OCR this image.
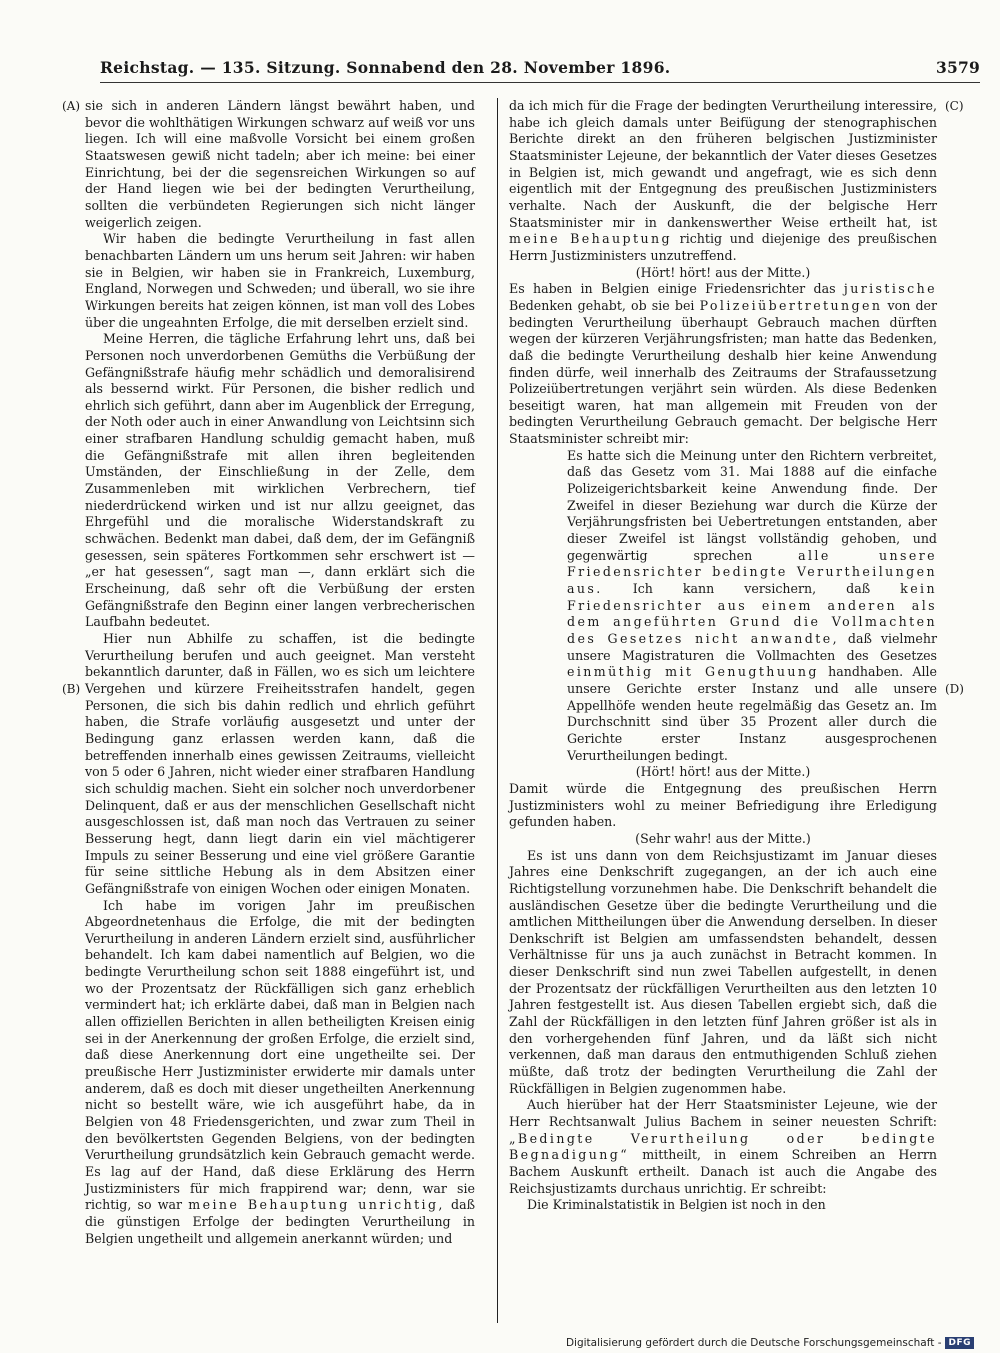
Reichstag. — 135. Sitzung. Sonnabend den 28. November 1896.	3579
(A)
(B)
(C)
(D)

sie sich in anderen Ländern längst bewährt haben, und bevor die wohlthätigen Wirkungen schwarz auf weiß vor uns liegen. Ich will eine maßvolle Vorsicht bei einem großen Staatswesen gewiß nicht tadeln; aber ich meine: bei einer Einrichtung, bei der die segensreichen Wirkungen so auf der Hand liegen wie bei der bedingten Verurtheilung, sollten die verbündeten Regierungen sich nicht länger weigerlich zeigen.

Wir haben die bedingte Verurtheilung in fast allen benachbarten Ländern um uns herum seit Jahren: wir haben sie in Belgien, wir haben sie in Frankreich, Luxemburg, England, Norwegen und Schweden; und überall, wo sie ihre Wirkungen bereits hat zeigen können, ist man voll des Lobes über die ungeahnten Erfolge, die mit derselben erzielt sind.

Meine Herren, die tägliche Erfahrung lehrt uns, daß bei Personen noch unverdorbenen Gemüths die Verbüßung der Gefängnißstrafe häufig mehr schädlich und demoralisirend als bessernd wirkt. Für Personen, die bisher redlich und ehrlich sich geführt, dann aber im Augenblick der Erregung, der Noth oder auch in einer Anwandlung von Leichtsinn sich einer strafbaren Handlung schuldig gemacht haben, muß die Gefängnißstrafe mit allen ihren begleitenden Umständen, der Einschließung in der Zelle, dem Zusammenleben mit wirklichen Verbrechern, tief niederdrückend wirken und ist nur allzu geeignet, das Ehrgefühl und die moralische Widerstandskraft zu schwächen. Bedenkt man dabei, daß dem, der im Gefängniß gesessen, sein späteres Fortkommen sehr erschwert ist — „er hat gesessen“, sagt man —, dann erklärt sich die Erscheinung, daß sehr oft die Verbüßung der ersten Gefängnißstrafe den Beginn einer langen verbrecherischen Laufbahn bedeutet.

Hier nun Abhilfe zu schaffen, ist die bedingte Verurtheilung berufen und auch geeignet. Man versteht bekanntlich darunter, daß in Fällen, wo es sich um leichtere Vergehen und kürzere Freiheitsstrafen handelt, gegen Personen, die sich bis dahin redlich und ehrlich geführt haben, die Strafe vorläufig ausgesetzt und unter der Bedingung ganz erlassen werden kann, daß die betreffenden innerhalb eines gewissen Zeitraums, vielleicht von 5 oder 6 Jahren, nicht wieder einer strafbaren Handlung sich schuldig machen. Sieht ein solcher noch unverdorbener Delinquent, daß er aus der menschlichen Gesellschaft nicht ausgeschlossen ist, daß man noch das Vertrauen zu seiner Besserung hegt, dann liegt darin ein viel mächtigerer Impuls zu seiner Besserung und eine viel größere Garantie für seine sittliche Hebung als in dem Absitzen einer Gefängnißstrafe von einigen Wochen oder einigen Monaten.

Ich habe im vorigen Jahr im preußischen Abgeordnetenhaus die Erfolge, die mit der bedingten Verurtheilung in anderen Ländern erzielt sind, ausführlicher behandelt. Ich kam dabei namentlich auf Belgien, wo die bedingte Verurtheilung schon seit 1888 eingeführt ist, und wo der Prozentsatz der Rückfälligen sich ganz erheblich vermindert hat; ich erklärte dabei, daß man in Belgien nach allen offiziellen Berichten in allen betheiligten Kreisen einig sei in der Anerkennung der großen Erfolge, die erzielt sind, daß diese Anerkennung dort eine ungetheilte sei. Der preußische Herr Justizminister erwiderte mir damals unter anderem, daß es doch mit dieser ungetheilten Anerkennung nicht so bestellt wäre, wie ich ausgeführt habe, da in Belgien von 48 Friedensgerichten, und zwar zum Theil in den bevölkertsten Gegenden Belgiens, von der bedingten Verurtheilung grundsätzlich kein Gebrauch gemacht werde. Es lag auf der Hand, daß diese Erklärung des Herrn Justizministers für mich frappirend war; denn, war sie richtig, so war meine Behauptung unrichtig, daß die günstigen Erfolge der bedingten Verurtheilung in Belgien ungetheilt und allgemein anerkannt würden; und

da ich mich für die Frage der bedingten Verurtheilung interessire, habe ich gleich damals unter Beifügung der stenographischen Berichte direkt an den früheren belgischen Justizminister Staatsminister Lejeune, der bekanntlich der Vater dieses Gesetzes in Belgien ist, mich gewandt und angefragt, wie es sich denn eigentlich mit der Entgegnung des preußischen Justizministers verhalte. Nach der Auskunft, die der belgische Herr Staatsminister mir in dankenswerther Weise ertheilt hat, ist meine Behauptung richtig und diejenige des preußischen Herrn Justizministers unzutreffend.

(Hört! hört! aus der Mitte.)

Es haben in Belgien einige Friedensrichter das juristische Bedenken gehabt, ob sie bei Polizeiübertretungen von der bedingten Verurtheilung überhaupt Gebrauch machen dürften wegen der kürzeren Verjährungsfristen; man hatte das Bedenken, daß die bedingte Verurtheilung deshalb hier keine Anwendung finden dürfe, weil innerhalb des Zeitraums der Strafaussetzung Polizeiübertretungen verjährt sein würden. Als diese Bedenken beseitigt waren, hat man allgemein mit Freuden von der bedingten Verurtheilung Gebrauch gemacht. Der belgische Herr Staatsminister schreibt mir:

Es hatte sich die Meinung unter den Richtern verbreitet, daß das Gesetz vom 31. Mai 1888 auf die einfache Polizeigerichtsbarkeit keine Anwendung finde. Der Zweifel in dieser Beziehung war durch die Kürze der Verjährungsfristen bei Uebertretungen entstanden, aber dieser Zweifel ist längst vollständig gehoben, und gegenwärtig sprechen	alle unsere Friedensrichter bedingte Verurtheilungen aus. Ich kann versichern, daß kein Friedensrichter aus einem anderen als dem angeführten Grund die Vollmachten des Gesetzes nicht anwandte, daß vielmehr unsere Magistraturen die Vollmachten des Gesetzes einmüthig mit Genugthuung handhaben. Alle unsere Gerichte erster Instanz und alle unsere Appellhöfe wenden heute regelmäßig das Gesetz an. Im Durchschnitt sind über 35 Prozent aller durch die Gerichte erster Instanz ausgesprochenen Verurtheilungen bedingt.

(Hört! hört! aus der Mitte.)

Damit würde die Entgegnung des preußischen Herrn Justizministers wohl zu meiner Befriedigung ihre Erledigung gefunden haben.

(Sehr wahr! aus der Mitte.)

Es ist uns dann von dem Reichsjustizamt im Januar dieses Jahres eine Denkschrift zugegangen, an der ich auch eine Richtigstellung vorzunehmen habe. Die Denkschrift behandelt die ausländischen Gesetze über die bedingte Verurtheilung und die amtlichen Mittheilungen über die Anwendung derselben. In dieser Denkschrift ist Belgien am umfassendsten behandelt, dessen Verhältnisse für uns ja auch zunächst in Betracht kommen. In dieser Denkschrift sind nun zwei Tabellen aufgestellt, in denen der Prozentsatz der rückfälligen Verurtheilten aus den letzten 10 Jahren festgestellt ist. Aus diesen Tabellen ergiebt sich, daß die Zahl der Rückfälligen in den letzten fünf Jahren größer ist als in den vorhergehenden fünf Jahren, und da läßt sich nicht verkennen, daß man daraus den entmuthigenden Schluß ziehen müßte, daß trotz der bedingten Verurtheilung die Zahl der Rückfälligen in Belgien zugenommen habe.

Auch hierüber hat der Herr Staatsminister Lejeune, wie der Herr Rechtsanwalt Julius Bachem in seiner neuesten Schrift: „Bedingte Verurtheilung oder bedingte Begnadigung“ mittheilt, in einem Schreiben an Herrn Bachem Auskunft ertheilt. Danach ist auch die Angabe des Reichsjustizamts durchaus unrichtig. Er schreibt:

Die Kriminalstatistik in Belgien ist noch in den

Digitalisierung gefördert durch die Deutsche Forschungsgemeinschaft - DFG
